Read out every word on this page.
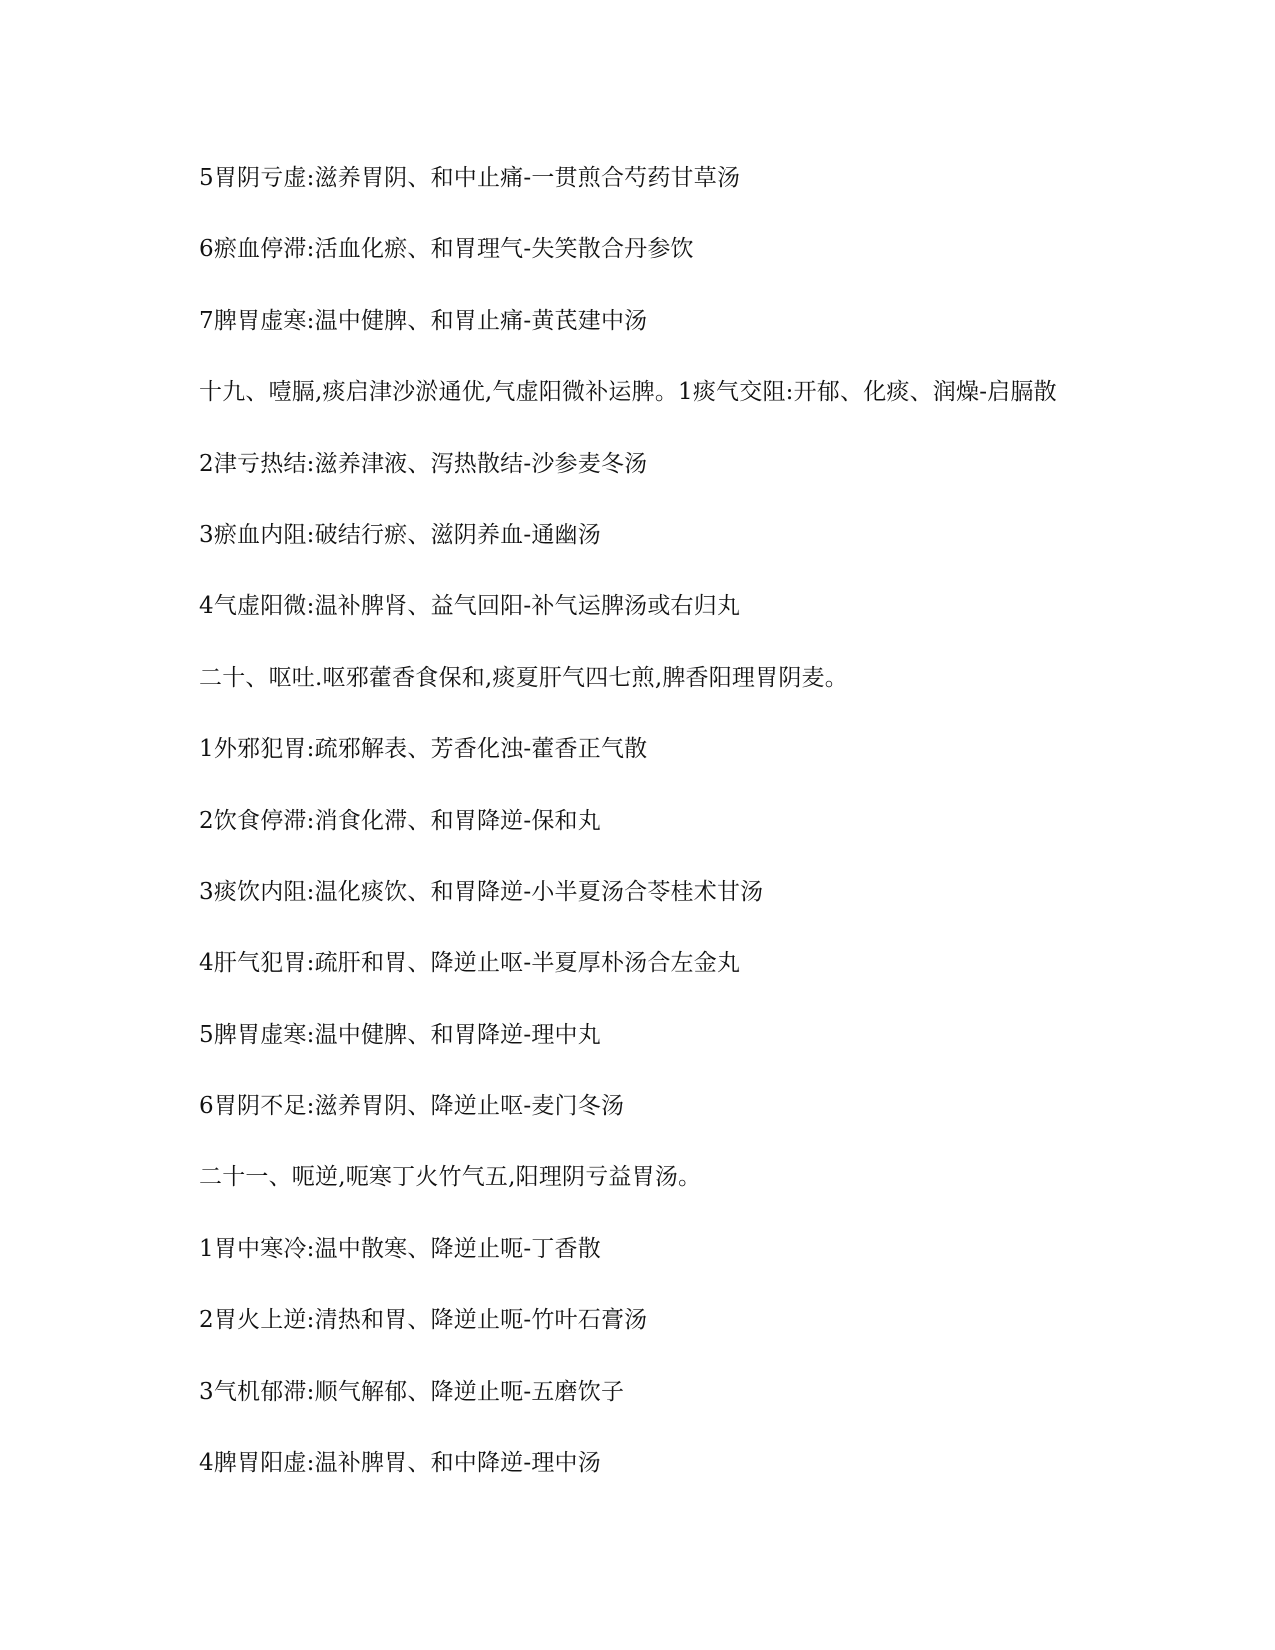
5胃阴亏虚:滋养胃阴、和中止痛-一贯煎合芍药甘草汤
6瘀血停滞:活血化瘀、和胃理气-失笑散合丹参饮
7脾胃虚寒:温中健脾、和胃止痛-黄芪建中汤
十九、噎膈,痰启津沙淤通优,气虚阳微补运脾。1痰气交阻:开郁、化痰、润燥-启膈散
2津亏热结:滋养津液、泻热散结-沙参麦冬汤
3瘀血内阻:破结行瘀、滋阴养血-通幽汤
4气虚阳微:温补脾肾、益气回阳-补气运脾汤或右归丸
二十、呕吐.呕邪藿香食保和,痰夏肝气四七煎,脾香阳理胃阴麦。
1外邪犯胃:疏邪解表、芳香化浊-藿香正气散
2饮食停滞:消食化滞、和胃降逆-保和丸
3痰饮内阻:温化痰饮、和胃降逆-小半夏汤合苓桂术甘汤
4肝气犯胃:疏肝和胃、降逆止呕-半夏厚朴汤合左金丸
5脾胃虚寒:温中健脾、和胃降逆-理中丸
6胃阴不足:滋养胃阴、降逆止呕-麦门冬汤
二十一、呃逆,呃寒丁火竹气五,阳理阴亏益胃汤。
1胃中寒冷:温中散寒、降逆止呃-丁香散
2胃火上逆:清热和胃、降逆止呃-竹叶石膏汤
3气机郁滞:顺气解郁、降逆止呃-五磨饮子
4脾胃阳虚:温补脾胃、和中降逆-理中汤
